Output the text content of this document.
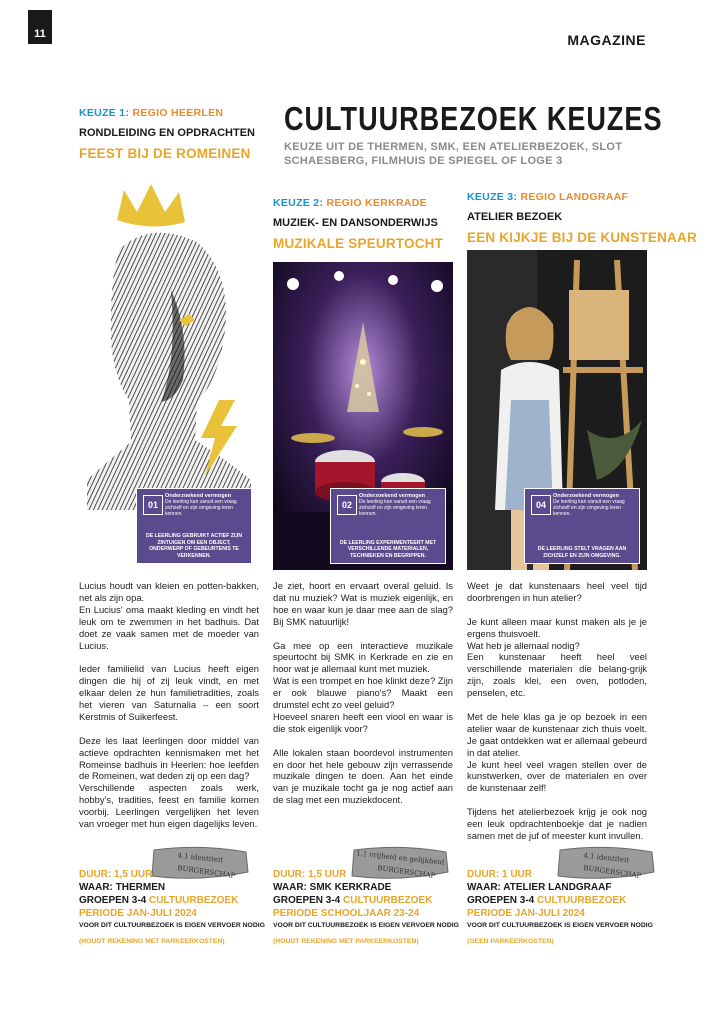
11	MAGAZINE
CULTUURBEZOEK KEUZES
KEUZE UIT DE THERMEN, SMK, EEN ATELIERBEZOEK, SLOT SCHAESBERG, FILMHUIS DE SPIEGEL OF LOGE 3
KEUZE 1: REGIO HEERLEN
RONDLEIDING EN OPDRACHTEN
FEEST BIJ DE ROMEINEN
KEUZE 2: REGIO KERKRADE
MUZIEK- EN DANSONDERWIJS
MUZIKALE SPEURTOCHT
KEUZE 3: REGIO LANDGRAAF
ATELIER BEZOEK
EEN KIJKJE BIJ DE KUNSTENAAR
01
Onderzoekend vermogen
De leerling kan vanuit een vraag zichzelf en zijn omgeving leren kennen.
DE LEERLING GEBRUIKT ACTIEF ZIJN ZINTUIGEN OM EEN OBJECT, ONDERWERP OF GEBEURTENIS TE VERKENNEN.
02
Onderzoekend vermogen
De leerling kan vanuit een vraag zichzelf en zijn omgeving leren kennen.
DE LEERLING EXPERIMENTEERT MET VERSCHILLENDE MATERIALEN, TECHNIEKEN EN BEGRIPPEN.
04
Onderzoekend vermogen
De leerling kan vanuit een vraag zichzelf en zijn omgeving leren kennen.
DE LEERLING STELT VRAGEN AAN ZICHZELF EN ZIJN OMGEVING.

Lucius houdt van kleien en potten-bakken, net als zijn opa.
En Lucius' oma maakt kleding en vindt het leuk om te zwemmen in het badhuis. Dat doet ze vaak samen met de moeder van Lucius.

Ieder familielid van Lucius heeft eigen dingen die hij of zij leuk vindt, en met elkaar delen ze hun familietradities, zoals het vieren van Saturnalia – een soort Kerstmis of Suikerfeest.

Deze les laat leerlingen door middel van actieve opdrachten kennismaken met het Romeinse badhuis in Heerlen: hoe leefden de Romeinen, wat deden zij op een dag?
Verschillende aspecten zoals werk, hobby's, tradities, feest en familie komen voorbij. Leerlingen vergelijken het leven van vroeger met hun eigen dagelijks leven.

Je ziet, hoort en ervaart overal geluid. Is dat nu muziek? Wat is muziek eigenlijk, en hoe en waar kun je daar mee aan de slag? Bij SMK natuurlijk!

Ga mee op een interactieve muzikale speurtocht bij SMK in Kerkrade en zie en hoor wat je allemaal kunt met muziek.
Wat is een trompet en hoe klinkt deze? Zijn er ook blauwe piano's? Maakt een drumstel echt zo veel geluid?
Hoeveel snaren heeft een viool en waar is die stok eigenlijk voor?

Alle lokalen staan boordevol instrumenten en door het hele gebouw zijn verrassende muzikale dingen te doen. Aan het einde van je muzikale tocht ga je nog actief aan de slag met een muziekdocent.

Weet je dat kunstenaars heel veel tijd doorbrengen in hun atelier?

Je kunt alleen maar kunst maken als je je ergens thuisvoelt.
Wat heb je allemaal nodig?
Een kunstenaar heeft heel veel verschillende materialen die belang-grijk zijn, zoals klei, een oven, potloden, penselen, etc.

Met de hele klas ga je op bezoek in een atelier waar de kunstenaar zich thuis voelt. Je gaat ontdekken wat er allemaal gebeurd in dat atelier.
Je kunt heel veel vragen stellen over de kunstwerken, over de materialen en over de kunstenaar zelf!

Tijdens het atelierbezoek krijg je ook nog een leuk opdrachtenboekje dat je nadien samen met de juf of meester kunt invullen.

4.1 identiteit
BURGERSCHAP
1.1 vrijheid en gelijkheid
BURGERSCHAP
4.1 identiteit
BURGERSCHAP
DUUR: 1,5 UUR
WAAR: THERMEN
GROEPEN 3-4 CULTUURBEZOEK
PERIODE JAN-JULI 2024
VOOR DIT CULTUURBEZOEK IS EIGEN VERVOER NODIG
(HOUDT REKENING MET PARKEERKOSTEN)
DUUR: 1,5 UUR
WAAR: SMK KERKRADE
GROEPEN 3-4 CULTUURBEZOEK
PERIODE SCHOOLJAAR 23-24
VOOR DIT CULTUURBEZOEK IS EIGEN VERVOER NODIG
(HOUDT REKENING MET PARKEERKOSTEN)
DUUR: 1 UUR
WAAR: ATELIER LANDGRAAF
GROEPEN 3-4 CULTUURBEZOEK
PERIODE JAN-JULI 2024
VOOR DIT CULTUURBEZOEK IS EIGEN VERVOER NODIG
(GEEN PARKEERKOSTEN)
